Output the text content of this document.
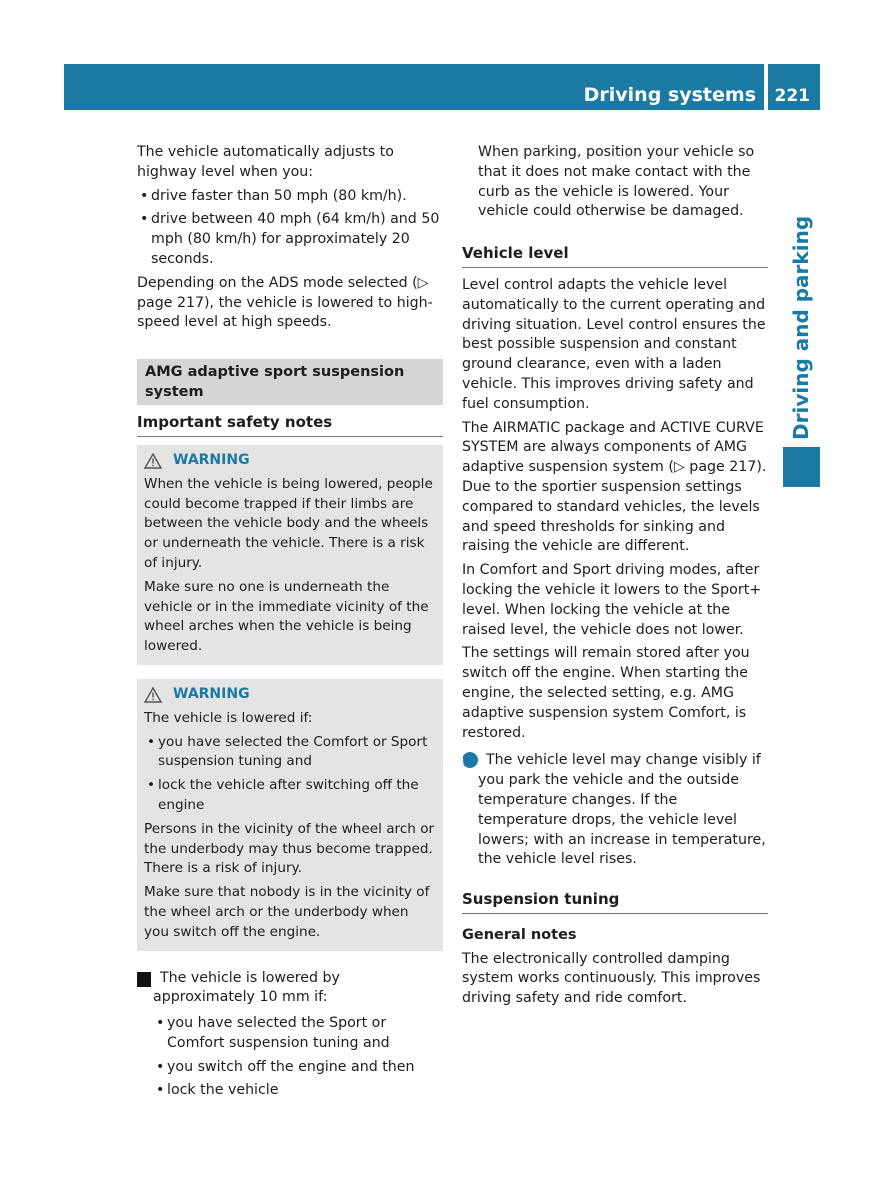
Driving systems 221
Driving and parking

The vehicle automatically adjusts to highway level when you:

• drive faster than 50 mph (80 km/h).
• drive between 40 mph (64 km/h) and 50 mph (80 km/h) for approximately 20 seconds.

Depending on the ADS mode selected (▷ page 217), the vehicle is lowered to high-speed level at high speeds.

AMG adaptive sport suspension system
Important safety notes
WARNING

When the vehicle is being lowered, people could become trapped if their limbs are between the vehicle body and the wheels or underneath the vehicle. There is a risk of injury.

Make sure no one is underneath the vehicle or in the immediate vicinity of the wheel arches when the vehicle is being lowered.

WARNING

The vehicle is lowered if:

• you have selected the Comfort or Sport suspension tuning and
• lock the vehicle after switching off the engine

Persons in the vicinity of the wheel arch or the underbody may thus become trapped. There is a risk of injury.

Make sure that nobody is in the vicinity of the wheel arch or the underbody when you switch off the engine.

! The vehicle is lowered by approximately 10 mm if:

• you have selected the Sport or Comfort suspension tuning and
• you switch off the engine and then
• lock the vehicle

When parking, position your vehicle so that it does not make contact with the curb as the vehicle is lowered. Your vehicle could otherwise be damaged.

Vehicle level

Level control adapts the vehicle level automatically to the current operating and driving situation. Level control ensures the best possible suspension and constant ground clearance, even with a laden vehicle. This improves driving safety and fuel consumption.

The AIRMATIC package and ACTIVE CURVE SYSTEM are always components of AMG adaptive suspension system (▷ page 217). Due to the sportier suspension settings compared to standard vehicles, the levels and speed thresholds for sinking and raising the vehicle are different.

In Comfort and Sport driving modes, after locking the vehicle it lowers to the Sport+ level. When locking the vehicle at the raised level, the vehicle does not lower.

The settings will remain stored after you switch off the engine. When starting the engine, the selected setting, e.g. AMG adaptive suspension system Comfort, is restored.

i The vehicle level may change visibly if you park the vehicle and the outside temperature changes. If the temperature drops, the vehicle level lowers; with an increase in temperature, the vehicle level rises.

Suspension tuning
General notes

The electronically controlled damping system works continuously. This improves driving safety and ride comfort.
